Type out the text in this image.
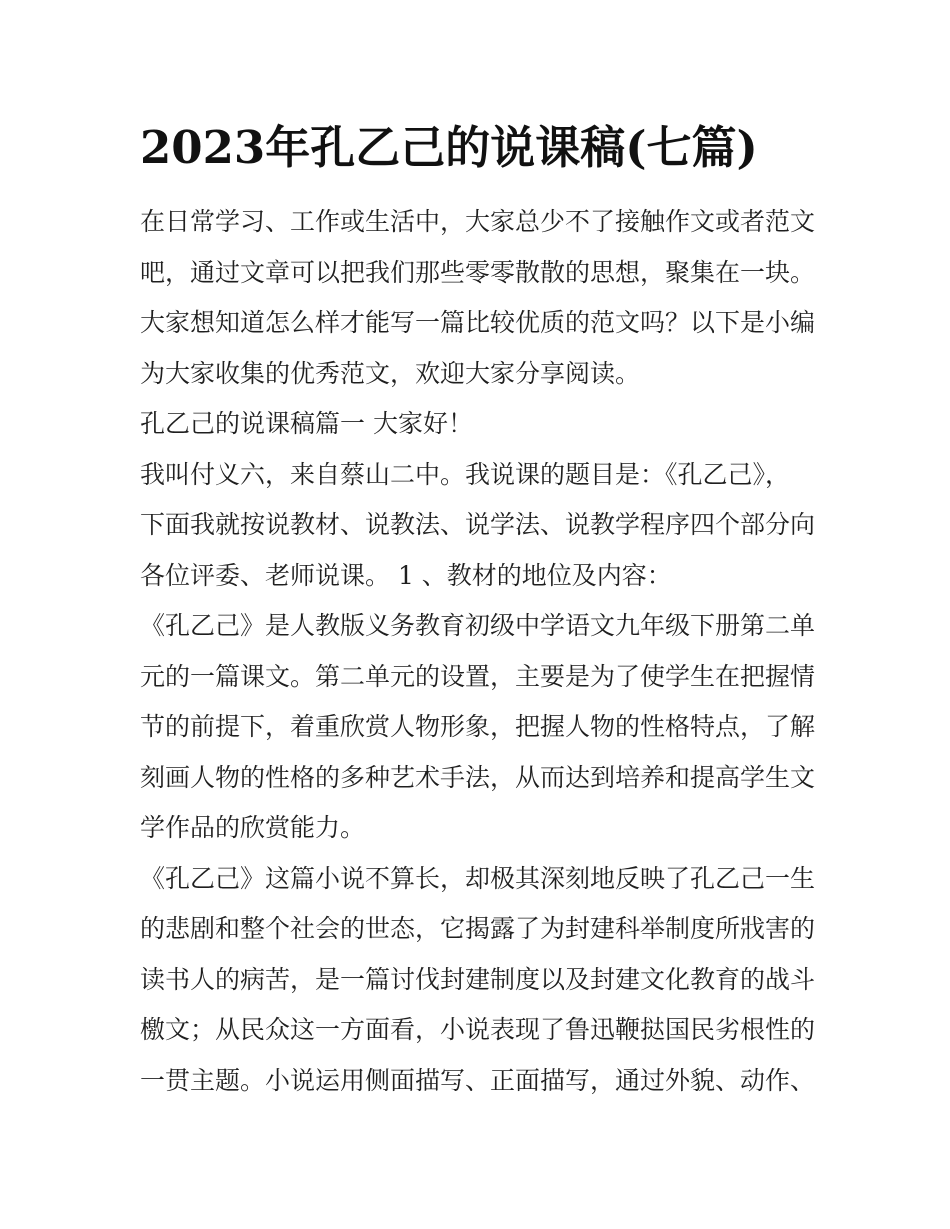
2023年孔乙己的说课稿(七篇)
在日常学习、工作或生活中，大家总少不了接触作文或者范文
吧，通过文章可以把我们那些零零散散的思想，聚集在一块。
大家想知道怎么样才能写一篇比较优质的范文吗？以下是小编
为大家收集的优秀范文，欢迎大家分享阅读。
孔乙己的说课稿篇一 大家好！
我叫付义六，来自蔡山二中。我说课的题目是：《孔乙己》，
下面我就按说教材、说教法、说学法、说教学程序四个部分向
各位评委、老师说课。 1 、教材的地位及内容：
《孔乙己》是人教版义务教育初级中学语文九年级下册第二单
元的一篇课文。第二单元的设置，主要是为了使学生在把握情
节的前提下，着重欣赏人物形象，把握人物的性格特点，了解
刻画人物的性格的多种艺术手法，从而达到培养和提高学生文
学作品的欣赏能力。
《孔乙己》这篇小说不算长，却极其深刻地反映了孔乙己一生
的悲剧和整个社会的世态，它揭露了为封建科举制度所戕害的
读书人的病苦，是一篇讨伐封建制度以及封建文化教育的战斗
檄文；从民众这一方面看，小说表现了鲁迅鞭挞国民劣根性的
一贯主题。小说运用侧面描写、正面描写，通过外貌、动作、
